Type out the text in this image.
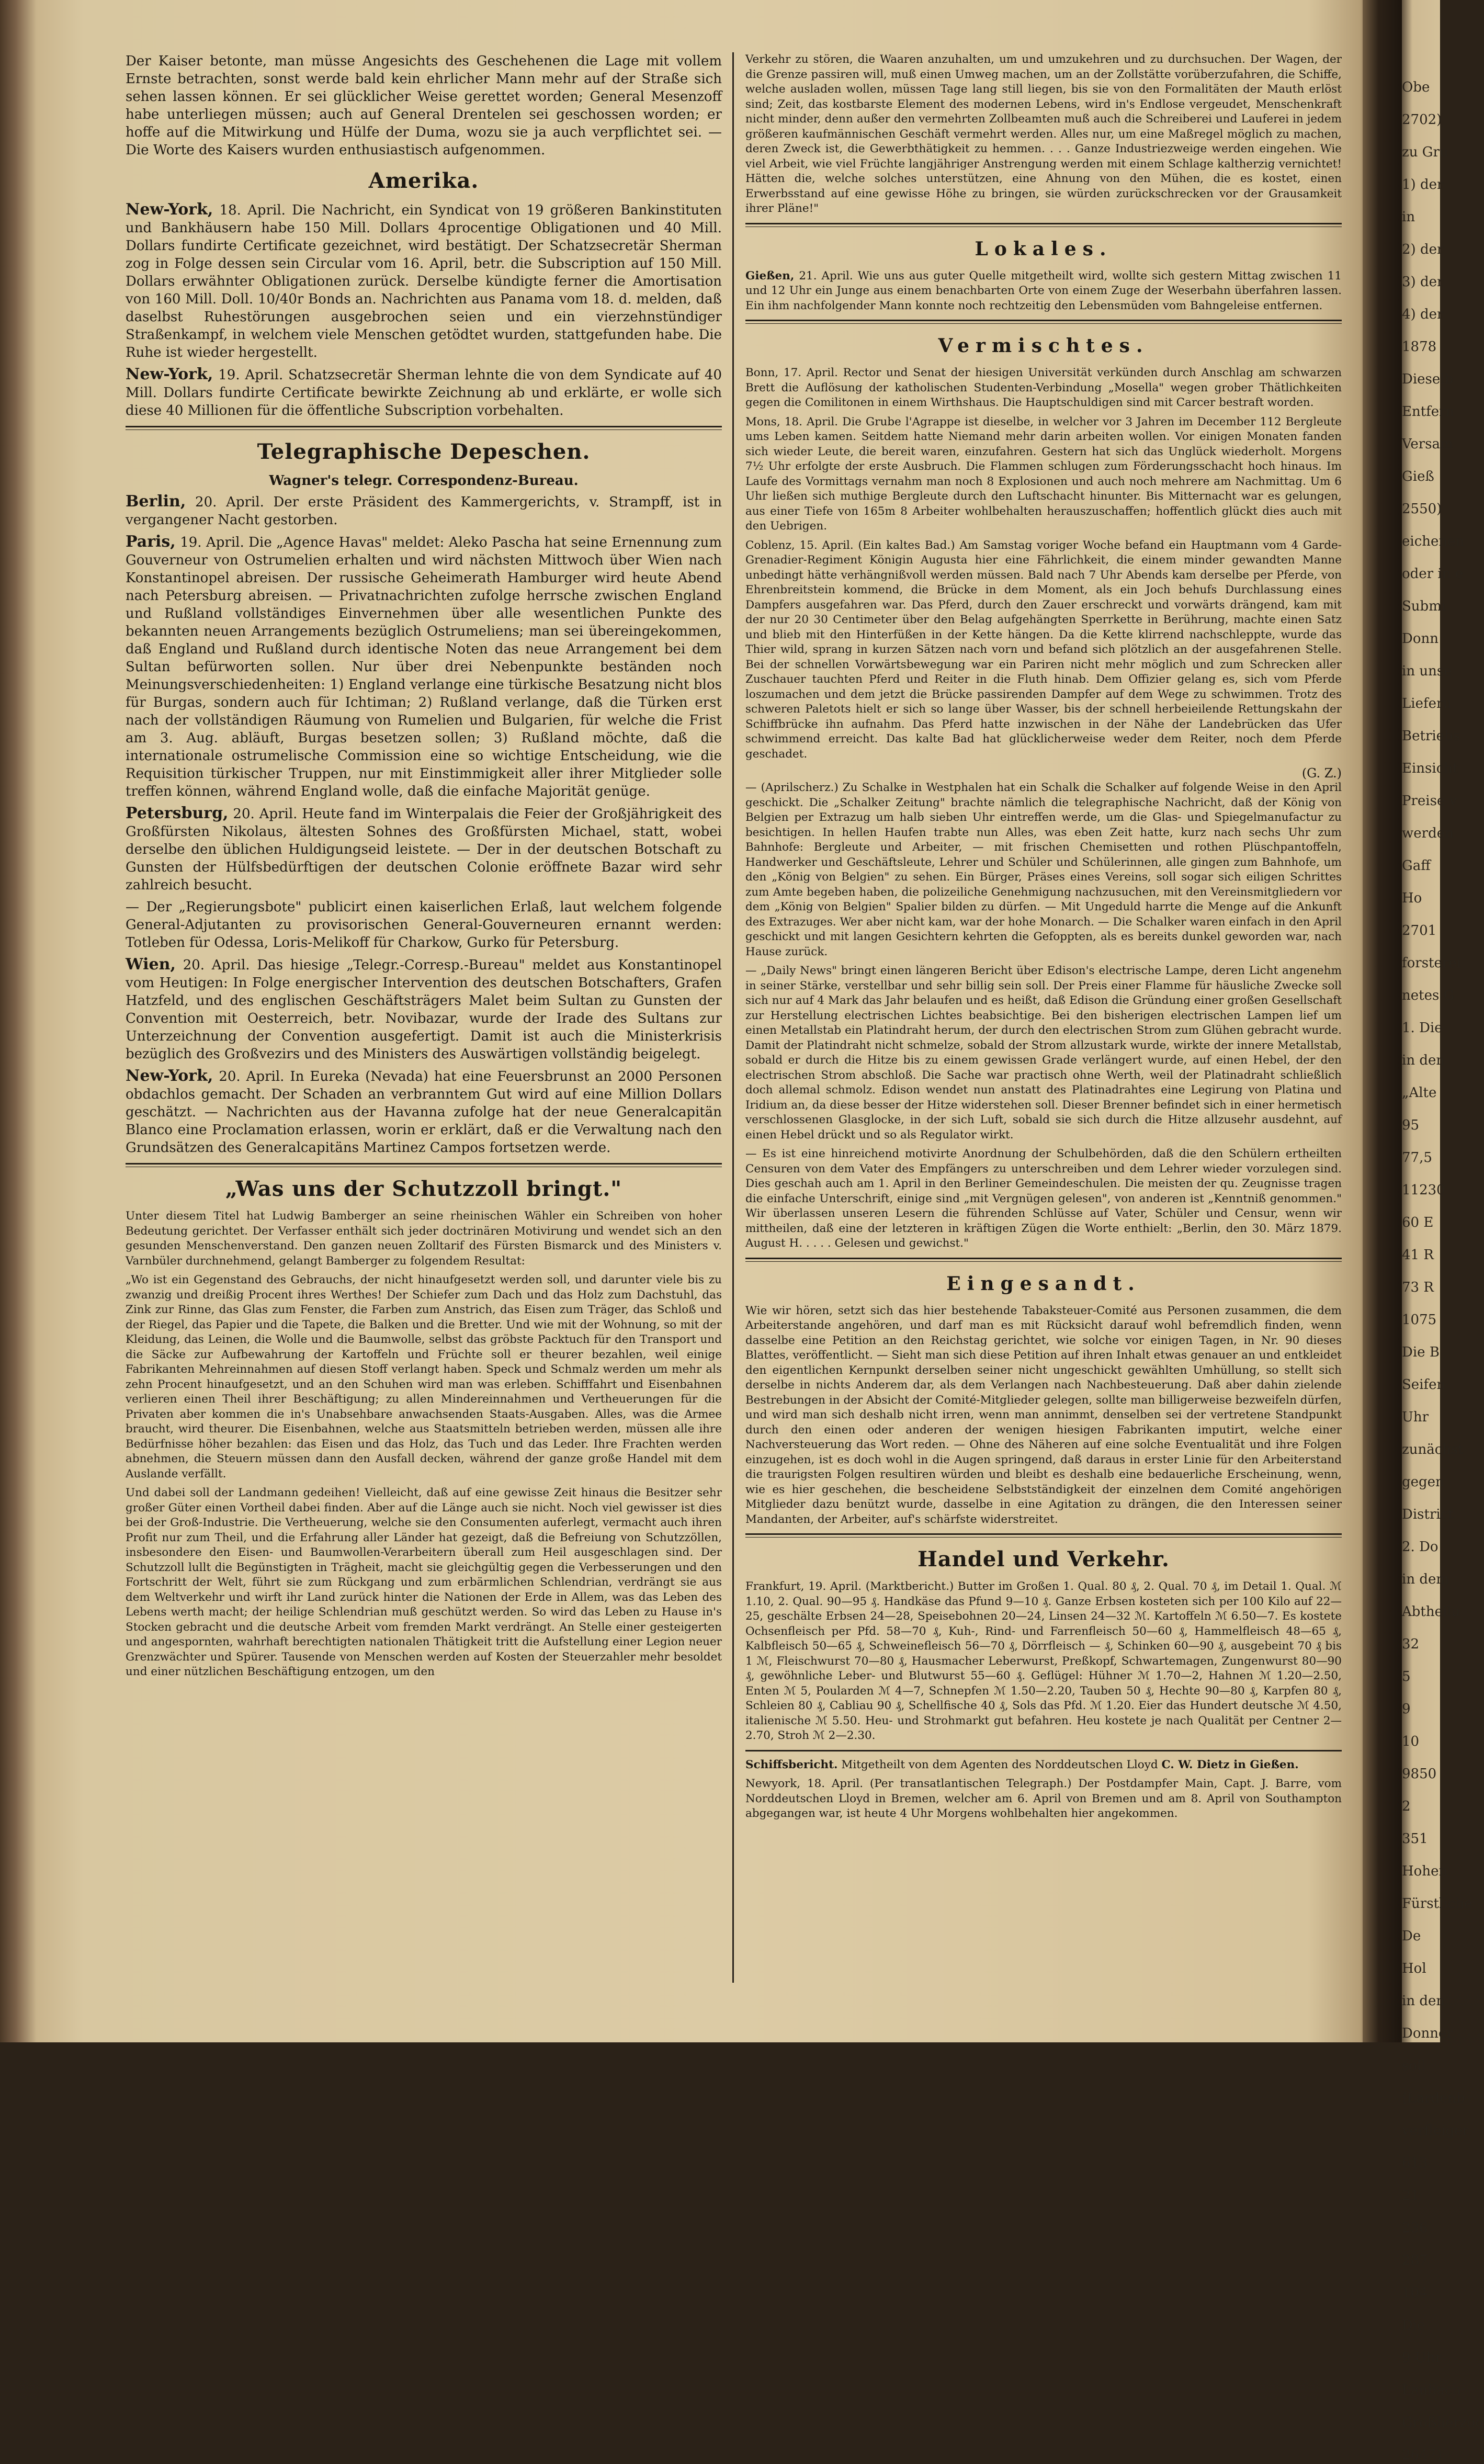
Der Kaiser betonte, man müsse Angesichts des Geschehenen die Lage mit vollem Ernste betrachten, sonst werde bald kein ehrlicher Mann mehr auf der Straße sich sehen lassen können. Er sei glücklicher Weise gerettet worden; General Mesenzoff habe unterliegen müssen; auch auf General Drentelen sei geschossen worden; er hoffe auf die Mitwirkung und Hülfe der Duma, wozu sie ja auch verpflichtet sei. — Die Worte des Kaisers wurden enthusiastisch aufgenommen.

Amerika.

New-York, 18. April. Die Nachricht, ein Syndicat von 19 größeren Bankinstituten und Bankhäusern habe 150 Mill. Dollars 4procentige Obligationen und 40 Mill. Dollars fundirte Certificate gezeichnet, wird bestätigt. Der Schatzsecretär Sherman zog in Folge dessen sein Circular vom 16. April, betr. die Subscription auf 150 Mill. Dollars erwähnter Obligationen zurück. Derselbe kündigte ferner die Amortisation von 160 Mill. Doll. 10/40r Bonds an. Nachrichten aus Panama vom 18. d. melden, daß daselbst Ruhestörungen ausgebrochen seien und ein vierzehnstündiger Straßenkampf, in welchem viele Menschen getödtet wurden, stattgefunden habe. Die Ruhe ist wieder hergestellt.

New-York, 19. April. Schatzsecretär Sherman lehnte die von dem Syndicate auf 40 Mill. Dollars fundirte Certificate bewirkte Zeichnung ab und erklärte, er wolle sich diese 40 Millionen für die öffentliche Subscription vorbehalten.

Telegraphische Depeschen.
Wagner's telegr. Correspondenz-Bureau.

Berlin, 20. April. Der erste Präsident des Kammergerichts, v. Strampff, ist in vergangener Nacht gestorben.

Paris, 19. April. Die „Agence Havas" meldet: Aleko Pascha hat seine Ernennung zum Gouverneur von Ostrumelien erhalten und wird nächsten Mittwoch über Wien nach Konstantinopel abreisen. Der russische Geheimerath Hamburger wird heute Abend nach Petersburg abreisen. — Privatnachrichten zufolge herrsche zwischen England und Rußland vollständiges Einvernehmen über alle wesentlichen Punkte des bekannten neuen Arrangements bezüglich Ostrumeliens; man sei übereingekommen, daß England und Rußland durch identische Noten das neue Arrangement bei dem Sultan befürworten sollen. Nur über drei Nebenpunkte beständen noch Meinungsverschiedenheiten: 1) England verlange eine türkische Besatzung nicht blos für Burgas, sondern auch für Ichtiman; 2) Rußland verlange, daß die Türken erst nach der vollständigen Räumung von Rumelien und Bulgarien, für welche die Frist am 3. Aug. abläuft, Burgas besetzen sollen; 3) Rußland möchte, daß die internationale ostrumelische Commission eine so wichtige Entscheidung, wie die Requisition türkischer Truppen, nur mit Einstimmigkeit aller ihrer Mitglieder solle treffen können, während England wolle, daß die einfache Majorität genüge.

Petersburg, 20. April. Heute fand im Winterpalais die Feier der Großjährigkeit des Großfürsten Nikolaus, ältesten Sohnes des Großfürsten Michael, statt, wobei derselbe den üblichen Huldigungseid leistete. — Der in der deutschen Botschaft zu Gunsten der Hülfsbedürftigen der deutschen Colonie eröffnete Bazar wird sehr zahlreich besucht.

— Der „Regierungsbote" publicirt einen kaiserlichen Erlaß, laut welchem folgende General-Adjutanten zu provisorischen General-Gouverneuren ernannt werden: Totleben für Odessa, Loris-Melikoff für Charkow, Gurko für Petersburg.

Wien, 20. April. Das hiesige „Telegr.-Corresp.-Bureau" meldet aus Konstantinopel vom Heutigen: In Folge energischer Intervention des deutschen Botschafters, Grafen Hatzfeld, und des englischen Geschäftsträgers Malet beim Sultan zu Gunsten der Convention mit Oesterreich, betr. Novibazar, wurde der Irade des Sultans zur Unterzeichnung der Convention ausgefertigt. Damit ist auch die Ministerkrisis bezüglich des Großvezirs und des Ministers des Auswärtigen vollständig beigelegt.

New-York, 20. April. In Eureka (Nevada) hat eine Feuersbrunst an 2000 Personen obdachlos gemacht. Der Schaden an verbranntem Gut wird auf eine Million Dollars geschätzt. — Nachrichten aus der Havanna zufolge hat der neue Generalcapitän Blanco eine Proclamation erlassen, worin er erklärt, daß er die Verwaltung nach den Grundsätzen des Generalcapitäns Martinez Campos fortsetzen werde.

„Was uns der Schutzzoll bringt."

Unter diesem Titel hat Ludwig Bamberger an seine rheinischen Wähler ein Schreiben von hoher Bedeutung gerichtet. Der Verfasser enthält sich jeder doctrinären Motivirung und wendet sich an den gesunden Menschenverstand. Den ganzen neuen Zolltarif des Fürsten Bismarck und des Ministers v. Varnbüler durchnehmend, gelangt Bamberger zu folgendem Resultat:

„Wo ist ein Gegenstand des Gebrauchs, der nicht hinaufgesetzt werden soll, und darunter viele bis zu zwanzig und dreißig Procent ihres Werthes! Der Schiefer zum Dach und das Holz zum Dachstuhl, das Zink zur Rinne, das Glas zum Fenster, die Farben zum Anstrich, das Eisen zum Träger, das Schloß und der Riegel, das Papier und die Tapete, die Balken und die Bretter. Und wie mit der Wohnung, so mit der Kleidung, das Leinen, die Wolle und die Baumwolle, selbst das gröbste Packtuch für den Transport und die Säcke zur Aufbewahrung der Kartoffeln und Früchte soll er theurer bezahlen, weil einige Fabrikanten Mehreinnahmen auf diesen Stoff verlangt haben. Speck und Schmalz werden um mehr als zehn Procent hinaufgesetzt, und an den Schuhen wird man was erleben. Schifffahrt und Eisenbahnen verlieren einen Theil ihrer Beschäftigung; zu allen Mindereinnahmen und Vertheuerungen für die Privaten aber kommen die in's Unabsehbare anwachsenden Staats-Ausgaben. Alles, was die Armee braucht, wird theurer. Die Eisenbahnen, welche aus Staatsmitteln betrieben werden, müssen alle ihre Bedürfnisse höher bezahlen: das Eisen und das Holz, das Tuch und das Leder. Ihre Frachten werden abnehmen, die Steuern müssen dann den Ausfall decken, während der ganze große Handel mit dem Auslande verfällt.

Und dabei soll der Landmann gedeihen! Vielleicht, daß auf eine gewisse Zeit hinaus die Besitzer sehr großer Güter einen Vortheil dabei finden. Aber auf die Länge auch sie nicht. Noch viel gewisser ist dies bei der Groß-Industrie. Die Vertheuerung, welche sie den Consumenten auferlegt, vermacht auch ihren Profit nur zum Theil, und die Erfahrung aller Länder hat gezeigt, daß die Befreiung von Schutzzöllen, insbesondere den Eisen- und Baumwollen-Verarbeitern überall zum Heil ausgeschlagen sind. Der Schutzzoll lullt die Begünstigten in Trägheit, macht sie gleichgültig gegen die Verbesserungen und den Fortschritt der Welt, führt sie zum Rückgang und zum erbärmlichen Schlendrian, verdrängt sie aus dem Weltverkehr und wirft ihr Land zurück hinter die Nationen der Erde in Allem, was das Leben des Lebens werth macht; der heilige Schlendrian muß geschützt werden. So wird das Leben zu Hause in's Stocken gebracht und die deutsche Arbeit vom fremden Markt verdrängt. An Stelle einer gesteigerten und angespornten, wahrhaft berechtigten nationalen Thätigkeit tritt die Aufstellung einer Legion neuer Grenzwächter und Spürer. Tausende von Menschen werden auf Kosten der Steuerzahler mehr besoldet und einer nützlichen Beschäftigung entzogen, um den

Verkehr zu stören, die Waaren anzuhalten, um und umzukehren und zu durchsuchen. Der Wagen, der die Grenze passiren will, muß einen Umweg machen, um an der Zollstätte vorüberzufahren, die Schiffe, welche ausladen wollen, müssen Tage lang still liegen, bis sie von den Formalitäten der Mauth erlöst sind; Zeit, das kostbarste Element des modernen Lebens, wird in's Endlose vergeudet, Menschenkraft nicht minder, denn außer den vermehrten Zollbeamten muß auch die Schreiberei und Lauferei in jedem größeren kaufmännischen Geschäft vermehrt werden. Alles nur, um eine Maßregel möglich zu machen, deren Zweck ist, die Gewerbthätigkeit zu hemmen. . . . Ganze Industriezweige werden eingehen. Wie viel Arbeit, wie viel Früchte langjähriger Anstrengung werden mit einem Schlage kaltherzig vernichtet! Hätten die, welche solches unterstützen, eine Ahnung von den Mühen, die es kostet, einen Erwerbsstand auf eine gewisse Höhe zu bringen, sie würden zurückschrecken vor der Grausamkeit ihrer Pläne!"

Lokales.

Gießen, 21. April. Wie uns aus guter Quelle mitgetheilt wird, wollte sich gestern Mittag zwischen 11 und 12 Uhr ein Junge aus einem benachbarten Orte von einem Zuge der Weserbahn überfahren lassen. Ein ihm nachfolgender Mann konnte noch rechtzeitig den Lebensmüden vom Bahngeleise entfernen.

Vermischtes.

Bonn, 17. April. Rector und Senat der hiesigen Universität verkünden durch Anschlag am schwarzen Brett die Auflösung der katholischen Studenten-Verbindung „Mosella" wegen grober Thätlichkeiten gegen die Comilitonen in einem Wirthshaus. Die Hauptschuldigen sind mit Carcer bestraft worden.

Mons, 18. April. Die Grube l'Agrappe ist dieselbe, in welcher vor 3 Jahren im December 112 Bergleute ums Leben kamen. Seitdem hatte Niemand mehr darin arbeiten wollen. Vor einigen Monaten fanden sich wieder Leute, die bereit waren, einzufahren. Gestern hat sich das Unglück wiederholt. Morgens 7½ Uhr erfolgte der erste Ausbruch. Die Flammen schlugen zum Förderungsschacht hoch hinaus. Im Laufe des Vormittags vernahm man noch 8 Explosionen und auch noch mehrere am Nachmittag. Um 6 Uhr ließen sich muthige Bergleute durch den Luftschacht hinunter. Bis Mitternacht war es gelungen, aus einer Tiefe von 165m 8 Arbeiter wohlbehalten herauszuschaffen; hoffentlich glückt dies auch mit den Uebrigen.

Coblenz, 15. April. (Ein kaltes Bad.) Am Samstag voriger Woche befand ein Hauptmann vom 4 Garde-Grenadier-Regiment Königin Augusta hier eine Fährlichkeit, die einem minder gewandten Manne unbedingt hätte verhängnißvoll werden müssen. Bald nach 7 Uhr Abends kam derselbe per Pferde, von Ehrenbreitstein kommend, die Brücke in dem Moment, als ein Joch behufs Durchlassung eines Dampfers ausgefahren war. Das Pferd, durch den Zauer erschreckt und vorwärts drängend, kam mit der nur 20 30 Centimeter über den Belag aufgehängten Sperrkette in Berührung, machte einen Satz und blieb mit den Hinterfüßen in der Kette hängen. Da die Kette klirrend nachschleppte, wurde das Thier wild, sprang in kurzen Sätzen nach vorn und befand sich plötzlich an der ausgefahrenen Stelle. Bei der schnellen Vorwärtsbewegung war ein Pariren nicht mehr möglich und zum Schrecken aller Zuschauer tauchten Pferd und Reiter in die Fluth hinab. Dem Offizier gelang es, sich vom Pferde loszumachen und dem jetzt die Brücke passirenden Dampfer auf dem Wege zu schwimmen. Trotz des schweren Paletots hielt er sich so lange über Wasser, bis der schnell herbeieilende Rettungskahn der Schiffbrücke ihn aufnahm. Das Pferd hatte inzwischen in der Nähe der Landebrücken das Ufer schwimmend erreicht. Das kalte Bad hat glücklicherweise weder dem Reiter, noch dem Pferde geschadet.

(G. Z.)

— (Aprilscherz.) Zu Schalke in Westphalen hat ein Schalk die Schalker auf folgende Weise in den April geschickt. Die „Schalker Zeitung" brachte nämlich die telegraphische Nachricht, daß der König von Belgien per Extrazug um halb sieben Uhr eintreffen werde, um die Glas- und Spiegelmanufactur zu besichtigen. In hellen Haufen trabte nun Alles, was eben Zeit hatte, kurz nach sechs Uhr zum Bahnhofe: Bergleute und Arbeiter, — mit frischen Chemisetten und rothen Plüschpantoffeln, Handwerker und Geschäftsleute, Lehrer und Schüler und Schülerinnen, alle gingen zum Bahnhofe, um den „König von Belgien" zu sehen. Ein Bürger, Präses eines Vereins, soll sogar sich eiligen Schrittes zum Amte begeben haben, die polizeiliche Genehmigung nachzusuchen, mit den Vereinsmitgliedern vor dem „König von Belgien" Spalier bilden zu dürfen. — Mit Ungeduld harrte die Menge auf die Ankunft des Extrazuges. Wer aber nicht kam, war der hohe Monarch. — Die Schalker waren einfach in den April geschickt und mit langen Gesichtern kehrten die Gefoppten, als es bereits dunkel geworden war, nach Hause zurück.

— „Daily News" bringt einen längeren Bericht über Edison's electrische Lampe, deren Licht angenehm in seiner Stärke, verstellbar und sehr billig sein soll. Der Preis einer Flamme für häusliche Zwecke soll sich nur auf 4 Mark das Jahr belaufen und es heißt, daß Edison die Gründung einer großen Gesellschaft zur Herstellung electrischen Lichtes beabsichtige. Bei den bisherigen electrischen Lampen lief um einen Metallstab ein Platindraht herum, der durch den electrischen Strom zum Glühen gebracht wurde. Damit der Platindraht nicht schmelze, sobald der Strom allzustark wurde, wirkte der innere Metallstab, sobald er durch die Hitze bis zu einem gewissen Grade verlängert wurde, auf einen Hebel, der den electrischen Strom abschloß. Die Sache war practisch ohne Werth, weil der Platinadraht schließlich doch allemal schmolz. Edison wendet nun anstatt des Platinadrahtes eine Legirung von Platina und Iridium an, da diese besser der Hitze widerstehen soll. Dieser Brenner befindet sich in einer hermetisch verschlossenen Glasglocke, in der sich Luft, sobald sie sich durch die Hitze allzusehr ausdehnt, auf einen Hebel drückt und so als Regulator wirkt.

— Es ist eine hinreichend motivirte Anordnung der Schulbehörden, daß die den Schülern ertheilten Censuren von dem Vater des Empfängers zu unterschreiben und dem Lehrer wieder vorzulegen sind. Dies geschah auch am 1. April in den Berliner Gemeindeschulen. Die meisten der qu. Zeugnisse tragen die einfache Unterschrift, einige sind „mit Vergnügen gelesen", von anderen ist „Kenntniß genommen." Wir überlassen unseren Lesern die führenden Schlüsse auf Vater, Schüler und Censur, wenn wir mittheilen, daß eine der letzteren in kräftigen Zügen die Worte enthielt: „Berlin, den 30. März 1879. August H. . . . . Gelesen und gewichst."

Eingesandt.

Wie wir hören, setzt sich das hier bestehende Tabaksteuer-Comité aus Personen zusammen, die dem Arbeiterstande angehören, und darf man es mit Rücksicht darauf wohl befremdlich finden, wenn dasselbe eine Petition an den Reichstag gerichtet, wie solche vor einigen Tagen, in Nr. 90 dieses Blattes, veröffentlicht. — Sieht man sich diese Petition auf ihren Inhalt etwas genauer an und entkleidet den eigentlichen Kernpunkt derselben seiner nicht ungeschickt gewählten Umhüllung, so stellt sich derselbe in nichts Anderem dar, als dem Verlangen nach Nachbesteuerung. Daß aber dahin zielende Bestrebungen in der Absicht der Comité-Mitglieder gelegen, sollte man billigerweise bezweifeln dürfen, und wird man sich deshalb nicht irren, wenn man annimmt, denselben sei der vertretene Standpunkt durch den einen oder anderen der wenigen hiesigen Fabrikanten imputirt, welche einer Nachversteuerung das Wort reden. — Ohne des Näheren auf eine solche Eventualität und ihre Folgen einzugehen, ist es doch wohl in die Augen springend, daß daraus in erster Linie für den Arbeiterstand die traurigsten Folgen resultiren würden und bleibt es deshalb eine bedauerliche Erscheinung, wenn, wie es hier geschehen, die bescheidene Selbstständigkeit der einzelnen dem Comité angehörigen Mitglieder dazu benützt wurde, dasselbe in eine Agitation zu drängen, die den Interessen seiner Mandanten, der Arbeiter, auf's schärfste widerstreitet.

Handel und Verkehr.

Frankfurt, 19. April. (Marktbericht.) Butter im Großen 1. Qual. 80 ₰, 2. Qual. 70 ₰, im Detail 1. Qual. ℳ 1.10, 2. Qual. 90—95 ₰. Handkäse das Pfund 9—10 ₰. Ganze Erbsen kosteten sich per 100 Kilo auf 22—25, geschälte Erbsen 24—28, Speisebohnen 20—24, Linsen 24—32 ℳ. Kartoffeln ℳ 6.50—7. Es kostete Ochsenfleisch per Pfd. 58—70 ₰, Kuh-, Rind- und Farrenfleisch 50—60 ₰, Hammelfleisch 48—65 ₰, Kalbfleisch 50—65 ₰, Schweinefleisch 56—70 ₰, Dörrfleisch — ₰, Schinken 60—90 ₰, ausgebeint 70 ₰ bis 1 ℳ, Fleischwurst 70—80 ₰, Hausmacher Leberwurst, Preßkopf, Schwartemagen, Zungenwurst 80—90 ₰, gewöhnliche Leber- und Blutwurst 55—60 ₰. Geflügel: Hühner ℳ 1.70—2, Hahnen ℳ 1.20—2.50, Enten ℳ 5, Poularden ℳ 4—7, Schnepfen ℳ 1.50—2.20, Tauben 50 ₰, Hechte 90—80 ₰, Karpfen 80 ₰, Schleien 80 ₰, Cabliau 90 ₰, Schellfische 40 ₰, Sols das Pfd. ℳ 1.20. Eier das Hundert deutsche ℳ 4.50, italienische ℳ 5.50. Heu- und Strohmarkt gut befahren. Heu kostete je nach Qualität per Centner 2—2.70, Stroh ℳ 2—2.30.

Schiffsbericht. Mitgetheilt von dem Agenten des Norddeutschen Lloyd C. W. Dietz in Gießen.

Newyork, 18. April. (Per transatlantischen Telegraph.) Der Postdampfer Main, Capt. J. Barre, vom Norddeutschen Lloyd in Bremen, welcher am 6. April von Bremen und am 8. April von Southampton abgegangen war, ist heute 4 Uhr Morgens wohlbehalten hier angekommen.

Obe
2702)
zu Gru
1) der
in
2) der
3) der
4) der
1878
Dieselb
Entfern
Versam
Gieß
2550)
eichenen
oder in e
Submi
Donn
in unse
Lieferu
Betriebs
Einsicht
Preise v
werden
Gaff
Ho
2701
forsterei
netes G
1. Die
in den
„Alte
95
77,5
11230
60 E
41 R
73 R
1075
Die B
Seifen
Uhr
zunächst
gegen
District
2. Do
in dem
Abtheilu
32
5
9
10
9850
2
351
Hohen
Fürstliche
De
Hol
in den
Donner
soll
(Lardenb
verfleiger
613
21
236
287
104
Die
9 Uhr
Laubach
Großherzog
2647)
